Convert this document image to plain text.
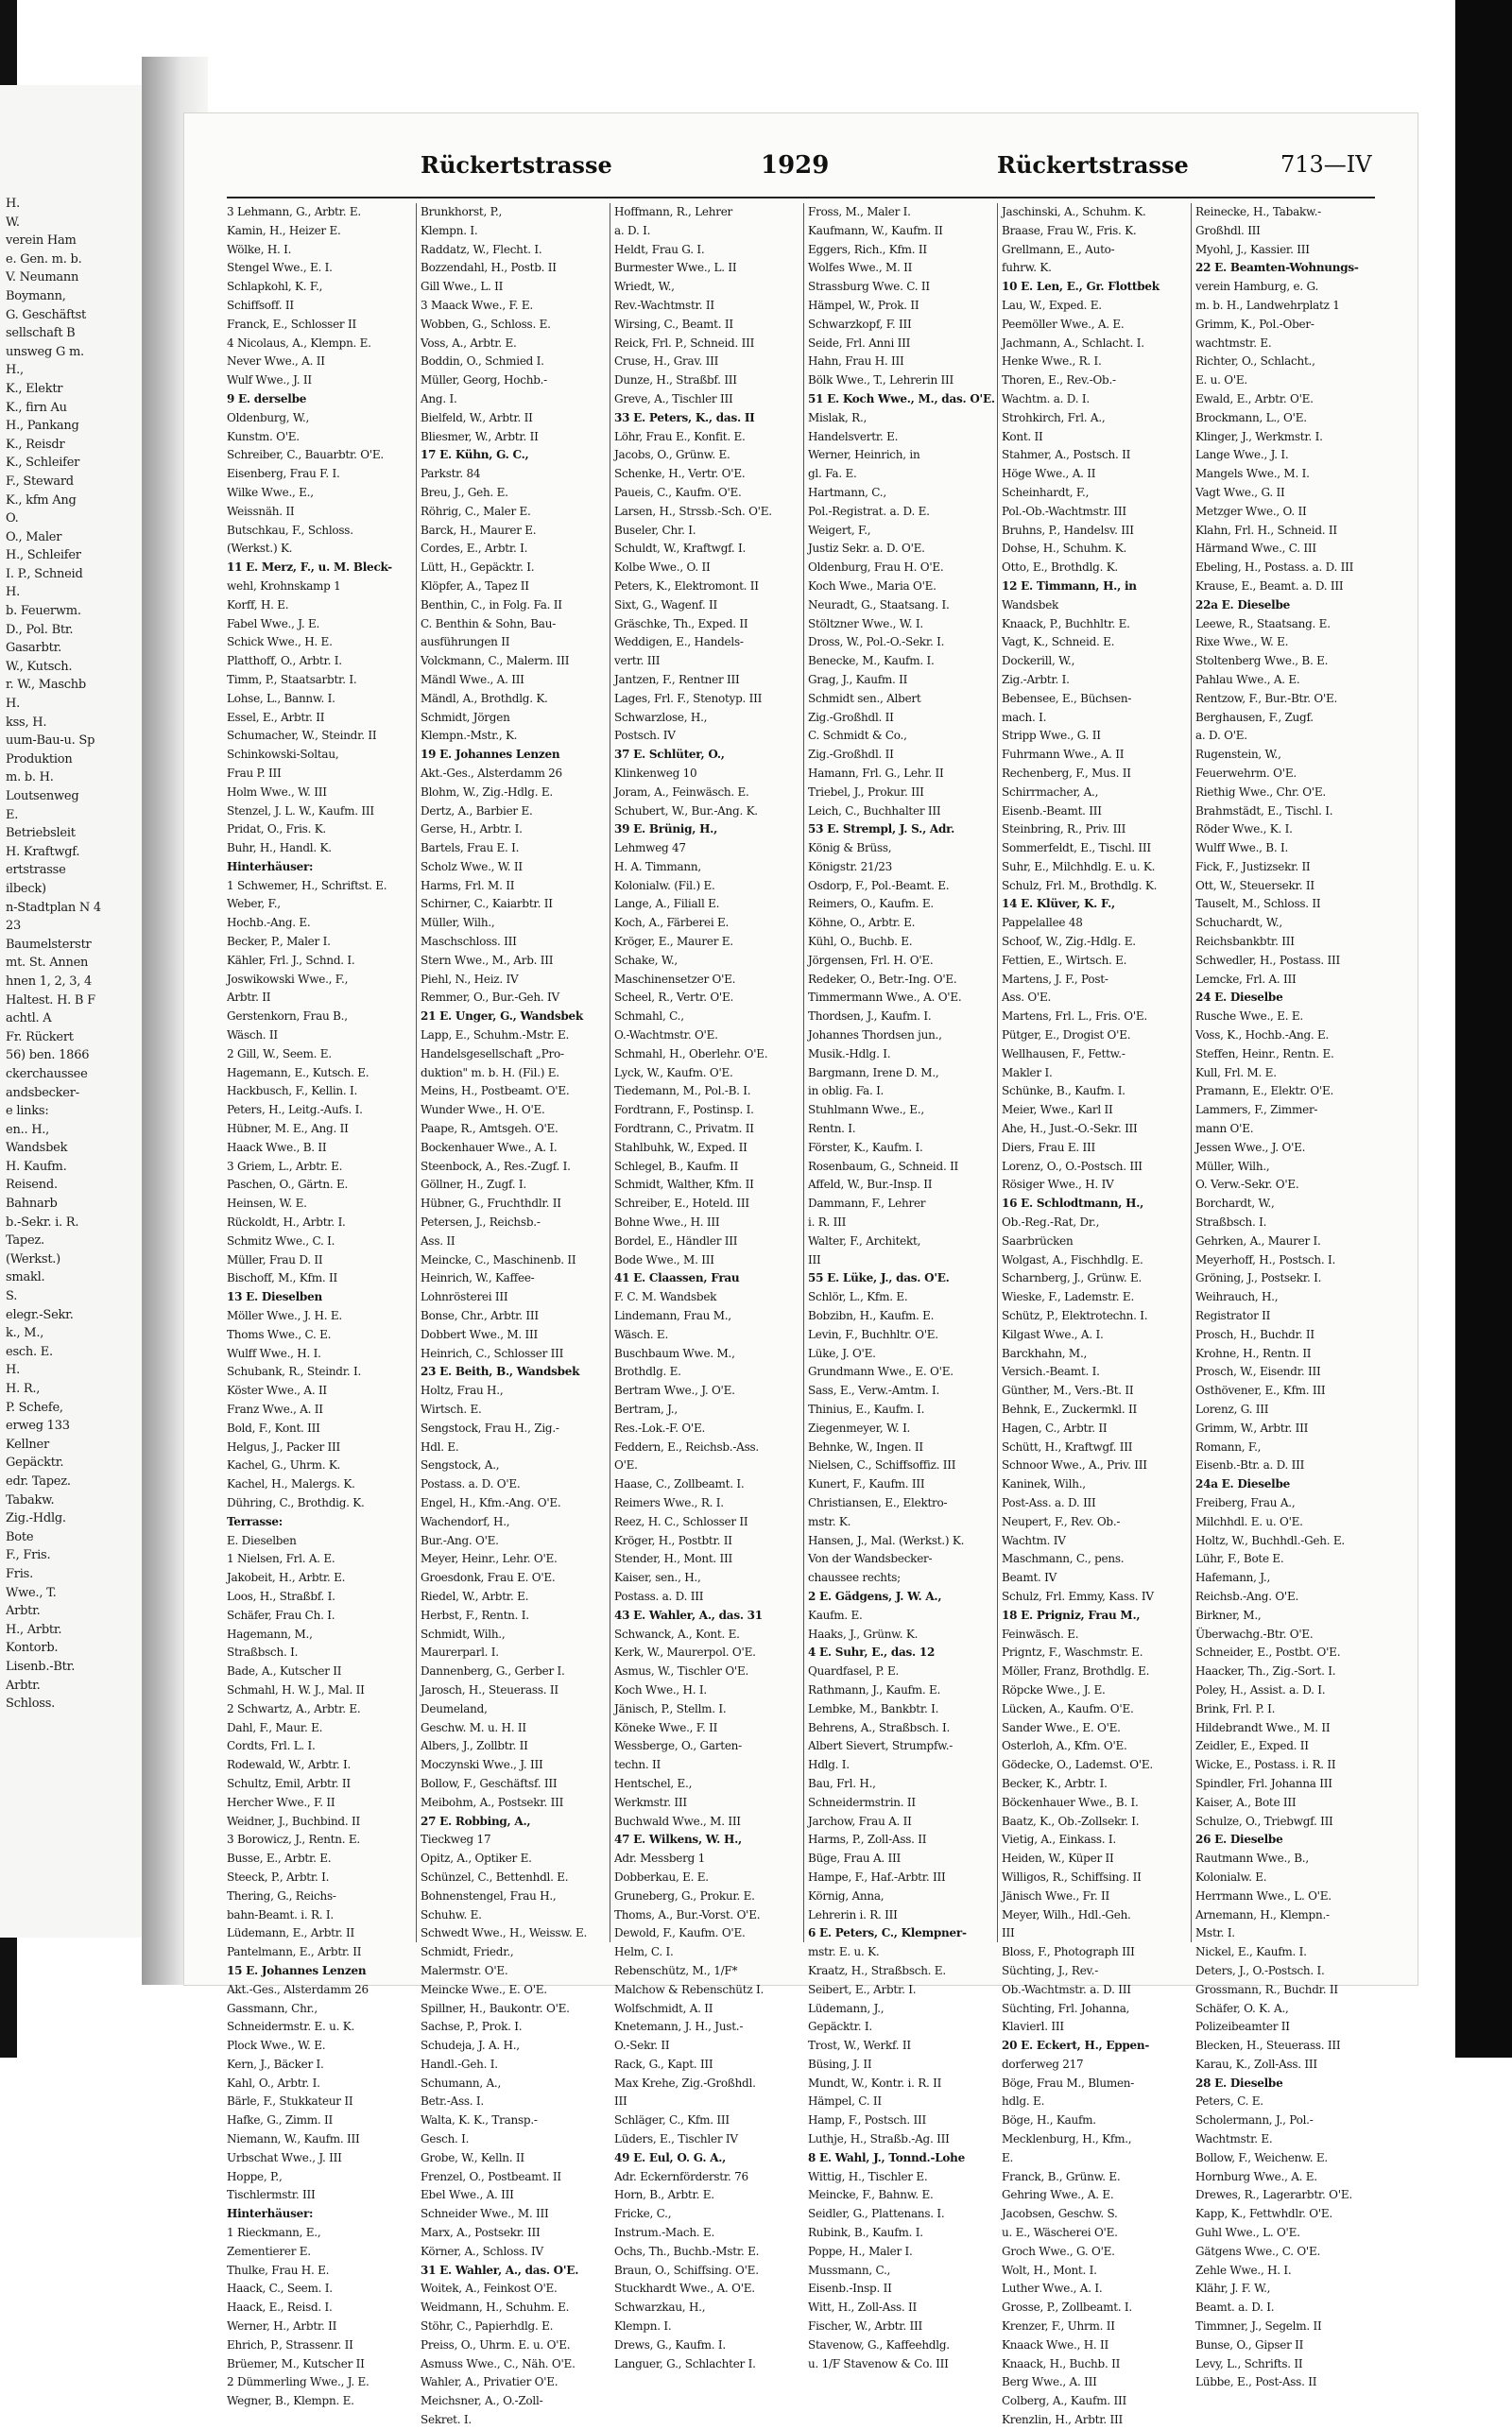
H.
W.
verein Ham
e. Gen. m. b.
V. Neumann
Boymann,
G. Geschäftst
sellschaft B
unsweg G m.
H.,
K., Elektr
K., firn Au
H., Pankang
K., Reisdr
K., Schleifer
F., Steward
K., kfm Ang
O.
O., Maler
H., Schleifer
I. P., Schneid
H.
b. Feuerwm.
D., Pol. Btr.
Gasarbtr.
W., Kutsch.
r. W., Maschb
H.
kss, H.
uum-Bau-u. Sp
Produktion
m. b. H.
Loutsenweg
E.
Betriebsleit
H. Kraftwgf.
ertstrasse
ilbeck)
n-Stadtplan N 4
23
Baumelsterstr
mt. St. Annen
hnen 1, 2, 3, 4
Haltest. H. B F
achtl. A
Fr. Rückert
56) ben. 1866
ckerchaussee
andsbecker-
e links:
en.. H.,
Wandsbek
H. Kaufm.
Reisend.
Bahnarb
b.-Sekr. i. R.
Tapez.
(Werkst.)
smakl.
S.
elegr.-Sekr.
k., M.,
esch. E.
H.
H. R.,
P. Schefe,
erweg 133
Kellner
Gepäcktr.
edr. Tapez.
Tabakw.
Zig.-Hdlg.
Bote
F., Fris.
Fris.
Wwe., T.
Arbtr.
H., Arbtr.
Kontorb.
Lisenb.-Btr.
Arbtr.
Schloss.
Rückertstrasse	1929	Rückertstrasse	713—IV
3 Lehmann, G., Arbtr. E.
Kamin, H., Heizer E.
Wölke, H. I.
Stengel Wwe., E. I.
Schlapkohl, K. F.,
Schiffsoff. II
Franck, E., Schlosser II
4 Nicolaus, A., Klempn. E.
Never Wwe., A. II
Wulf Wwe., J. II
9 E. derselbe
Oldenburg, W.,
Kunstm. O'E.
Schreiber, C., Bauarbtr. O'E.
Eisenberg, Frau F. I.
Wilke Wwe., E.,
Weissnäh. II
Butschkau, F., Schloss.
(Werkst.) K.
11 E. Merz, F., u. M. Bleck-
wehl, Krohnskamp 1
Korff, H. E.
Fabel Wwe., J. E.
Schick Wwe., H. E.
Platthoff, O., Arbtr. I.
Timm, P., Staatsarbtr. I.
Lohse, L., Bannw. I.
Essel, E., Arbtr. II
Schumacher, W., Steindr. II
Schinkowski-Soltau,
Frau P. III
Holm Wwe., W. III
Stenzel, J. L. W., Kaufm. III
Pridat, O., Fris. K.
Buhr, H., Handl. K.
Hinterhäuser:
1 Schwemer, H., Schriftst. E.
Weber, F.,
Hochb.-Ang. E.
Becker, P., Maler I.
Kähler, Frl. J., Schnd. I.
Joswikowski Wwe., F.,
Arbtr. II
Gerstenkorn, Frau B.,
Wäsch. II
2 Gill, W., Seem. E.
Hagemann, E., Kutsch. E.
Hackbusch, F., Kellin. I.
Peters, H., Leitg.-Aufs. I.
Hübner, M. E., Ang. II
Haack Wwe., B. II
3 Griem, L., Arbtr. E.
Paschen, O., Gärtn. E.
Heinsen, W. E.
Rückoldt, H., Arbtr. I.
Schmitz Wwe., C. I.
Müller, Frau D. II
Bischoff, M., Kfm. II
13 E. Dieselben
Möller Wwe., J. H. E.
Thoms Wwe., C. E.
Wulff Wwe., H. I.
Schubank, R., Steindr. I.
Köster Wwe., A. II
Franz Wwe., A. II
Bold, F., Kont. III
Helgus, J., Packer III
Kachel, G., Uhrm. K.
Kachel, H., Malergs. K.
Dühring, C., Brothdig. K.
Terrasse:
E. Dieselben
1 Nielsen, Frl. A. E.
Jakobeit, H., Arbtr. E.
Loos, H., Straßbf. I.
Schäfer, Frau Ch. I.
Hagemann, M.,
Straßbsch. I.
Bade, A., Kutscher II
Schmahl, H. W. J., Mal. II
2 Schwartz, A., Arbtr. E.
Dahl, F., Maur. E.
Cordts, Frl. L. I.
Rodewald, W., Arbtr. I.
Schultz, Emil, Arbtr. II
Hercher Wwe., F. II
Weidner, J., Buchbind. II
3 Borowicz, J., Rentn. E.
Busse, E., Arbtr. E.
Steeck, P., Arbtr. I.
Thering, G., Reichs-
bahn-Beamt. i. R. I.
Lüdemann, E., Arbtr. II
Pantelmann, E., Arbtr. II
15 E. Johannes Lenzen
Akt.-Ges., Alsterdamm 26
Gassmann, Chr.,
Schneidermstr. E. u. K.
Plock Wwe., W. E.
Kern, J., Bäcker I.
Kahl, O., Arbtr. I.
Bärle, F., Stukkateur II
Hafke, G., Zimm. II
Niemann, W., Kaufm. III
Urbschat Wwe., J. III
Hoppe, P.,
Tischlermstr. III
Hinterhäuser:
1 Rieckmann, E.,
Zementierer E.
Thulke, Frau H. E.
Haack, C., Seem. I.
Haack, E., Reisd. I.
Werner, H., Arbtr. II
Ehrich, P., Strassenr. II
Brüemer, M., Kutscher II
2 Dümmerling Wwe., J. E.
Wegner, B., Klempn. E.
Brunkhorst, P.,
Klempn. I.
Raddatz, W., Flecht. I.
Bozzendahl, H., Postb. II
Gill Wwe., L. II
3 Maack Wwe., F. E.
Wobben, G., Schloss. E.
Voss, A., Arbtr. E.
Boddin, O., Schmied I.
Müller, Georg, Hochb.-
Ang. I.
Bielfeld, W., Arbtr. II
Bliesmer, W., Arbtr. II
17 E. Kühn, G. C.,
Parkstr. 84
Breu, J., Geh. E.
Röhrig, C., Maler E.
Barck, H., Maurer E.
Cordes, E., Arbtr. I.
Lütt, H., Gepäcktr. I.
Klöpfer, A., Tapez II
Benthin, C., in Folg. Fa. II
C. Benthin & Sohn, Bau-
ausführungen II
Volckmann, C., Malerm. III
Mändl Wwe., A. III
Mändl, A., Brothdlg. K.
Schmidt, Jörgen
Klempn.-Mstr., K.
19 E. Johannes Lenzen
Akt.-Ges., Alsterdamm 26
Blohm, W., Zig.-Hdlg. E.
Dertz, A., Barbier E.
Gerse, H., Arbtr. I.
Bartels, Frau E. I.
Scholz Wwe., W. II
Harms, Frl. M. II
Schirner, C., Kaiarbtr. II
Müller, Wilh.,
Maschschloss. III
Stern Wwe., M., Arb. III
Piehl, N., Heiz. IV
Remmer, O., Bur.-Geh. IV
21 E. Unger, G., Wandsbek
Lapp, E., Schuhm.-Mstr. E.
Handelsgesellschaft „Pro-
duktion" m. b. H. (Fil.) E.
Meins, H., Postbeamt. O'E.
Wunder Wwe., H. O'E.
Paape, R., Amtsgeh. O'E.
Bockenhauer Wwe., A. I.
Steenbock, A., Res.-Zugf. I.
Göllner, H., Zugf. I.
Hübner, G., Fruchthdlr. II
Petersen, J., Reichsb.-
Ass. II
Meincke, C., Maschinenb. II
Heinrich, W., Kaffee-
Lohnrösterei III
Bonse, Chr., Arbtr. III
Dobbert Wwe., M. III
Heinrich, C., Schlosser III
23 E. Beith, B., Wandsbek
Holtz, Frau H.,
Wirtsch. E.
Sengstock, Frau H., Zig.-
Hdl. E.
Sengstock, A.,
Postass. a. D. O'E.
Engel, H., Kfm.-Ang. O'E.
Wachendorf, H.,
Bur.-Ang. O'E.
Meyer, Heinr., Lehr. O'E.
Groesdonk, Frau E. O'E.
Riedel, W., Arbtr. E.
Herbst, F., Rentn. I.
Schmidt, Wilh.,
Maurerparl. I.
Dannenberg, G., Gerber I.
Jarosch, H., Steuerass. II
Deumeland,
Geschw. M. u. H. II
Albers, J., Zollbtr. II
Moczynski Wwe., J. III
Bollow, F., Geschäftsf. III
Meibohm, A., Postsekr. III
27 E. Robbing, A.,
Tieckweg 17
Opitz, A., Optiker E.
Schünzel, C., Bettenhdl. E.
Bohnenstengel, Frau H.,
Schuhw. E.
Schwedt Wwe., H., Weissw. E.
Schmidt, Friedr.,
Malermstr. O'E.
Meincke Wwe., E. O'E.
Spillner, H., Baukontr. O'E.
Sachse, P., Prok. I.
Schudeja, J. A. H.,
Handl.-Geh. I.
Schumann, A.,
Betr.-Ass. I.
Walta, K. K., Transp.-
Gesch. I.
Grobe, W., Kelln. II
Frenzel, O., Postbeamt. II
Ebel Wwe., A. III
Schneider Wwe., M. III
Marx, A., Postsekr. III
Körner, A., Schloss. IV
31 E. Wahler, A., das. O'E.
Woitek, A., Feinkost O'E.
Weidmann, H., Schuhm. E.
Stöhr, C., Papierhdlg. E.
Preiss, O., Uhrm. E. u. O'E.
Asmuss Wwe., C., Näh. O'E.
Wahler, A., Privatier O'E.
Meichsner, A., O.-Zoll-
Sekret. I.
Hoffmann, R., Lehrer
a. D. I.
Heldt, Frau G. I.
Burmester Wwe., L. II
Wriedt, W.,
Rev.-Wachtmstr. II
Wirsing, C., Beamt. II
Reick, Frl. P., Schneid. III
Cruse, H., Grav. III
Dunze, H., Straßbf. III
Greve, A., Tischler III
33 E. Peters, K., das. II
Löhr, Frau E., Konfit. E.
Jacobs, O., Grünw. E.
Schenke, H., Vertr. O'E.
Paueis, C., Kaufm. O'E.
Larsen, H., Strssb.-Sch. O'E.
Buseler, Chr. I.
Schuldt, W., Kraftwgf. I.
Kolbe Wwe., O. II
Peters, K., Elektromont. II
Sixt, G., Wagenf. II
Gräschke, Th., Exped. II
Weddigen, E., Handels-
vertr. III
Jantzen, F., Rentner III
Lages, Frl. F., Stenotyp. III
Schwarzlose, H.,
Postsch. IV
37 E. Schlüter, O.,
Klinkenweg 10
Joram, A., Feinwäsch. E.
Schubert, W., Bur.-Ang. K.
39 E. Brünig, H.,
Lehmweg 47
H. A. Timmann,
Kolonialw. (Fil.) E.
Lange, A., Filiall E.
Koch, A., Färberei E.
Kröger, E., Maurer E.
Schake, W.,
Maschinensetzer O'E.
Scheel, R., Vertr. O'E.
Schmahl, C.,
O.-Wachtmstr. O'E.
Schmahl, H., Oberlehr. O'E.
Lyck, W., Kaufm. O'E.
Tiedemann, M., Pol.-B. I.
Fordtrann, F., Postinsp. I.
Fordtrann, C., Privatm. II
Stahlbuhk, W., Exped. II
Schlegel, B., Kaufm. II
Schmidt, Walther, Kfm. II
Schreiber, E., Hoteld. III
Bohne Wwe., H. III
Bordel, E., Händler III
Bode Wwe., M. III
41 E. Claassen, Frau
F. C. M. Wandsbek
Lindemann, Frau M.,
Wäsch. E.
Buschbaum Wwe. M.,
Brothdlg. E.
Bertram Wwe., J. O'E.
Bertram, J.,
Res.-Lok.-F. O'E.
Feddern, E., Reichsb.-Ass.
O'E.
Haase, C., Zollbeamt. I.
Reimers Wwe., R. I.
Reez, H. C., Schlosser II
Kröger, H., Postbtr. II
Stender, H., Mont. III
Kaiser, sen., H.,
Postass. a. D. III
43 E. Wahler, A., das. 31
Schwanck, A., Kont. E.
Kerk, W., Maurerpol. O'E.
Asmus, W., Tischler O'E.
Koch Wwe., H. I.
Jänisch, P., Stellm. I.
Köneke Wwe., F. II
Wessberge, O., Garten-
techn. II
Hentschel, E.,
Werkmstr. III
Buchwald Wwe., M. III
47 E. Wilkens, W. H.,
Adr. Messberg 1
Dobberkau, E. E.
Gruneberg, G., Prokur. E.
Thoms, A., Bur.-Vorst. O'E.
Dewold, F., Kaufm. O'E.
Helm, C. I.
Rebenschütz, M., 1/F*
Malchow & Rebenschütz I.
Wolfschmidt, A. II
Knetemann, J. H., Just.-
O.-Sekr. II
Rack, G., Kapt. III
Max Krehe, Zig.-Großhdl.
III
Schläger, C., Kfm. III
Lüders, E., Tischler IV
49 E. Eul, O. G. A.,
Adr. Eckernförderstr. 76
Horn, B., Arbtr. E.
Fricke, C.,
Instrum.-Mach. E.
Ochs, Th., Buchb.-Mstr. E.
Braun, O., Schiffsing. O'E.
Stuckhardt Wwe., A. O'E.
Schwarzkau, H.,
Klempn. I.
Drews, G., Kaufm. I.
Languer, G., Schlachter I.
Fross, M., Maler I.
Kaufmann, W., Kaufm. II
Eggers, Rich., Kfm. II
Wolfes Wwe., M. II
Strassburg Wwe. C. II
Hämpel, W., Prok. II
Schwarzkopf, F. III
Seide, Frl. Anni III
Hahn, Frau H. III
Bölk Wwe., T., Lehrerin III
51 E. Koch Wwe., M., das. O'E.
Mislak, R.,
Handelsvertr. E.
Werner, Heinrich, in
gl. Fa. E.
Hartmann, C.,
Pol.-Registrat. a. D. E.
Weigert, F.,
Justiz Sekr. a. D. O'E.
Oldenburg, Frau H. O'E.
Koch Wwe., Maria O'E.
Neuradt, G., Staatsang. I.
Stöltzner Wwe., W. I.
Dross, W., Pol.-O.-Sekr. I.
Benecke, M., Kaufm. I.
Grag, J., Kaufm. II
Schmidt sen., Albert
Zig.-Großhdl. II
C. Schmidt & Co.,
Zig.-Großhdl. II
Hamann, Frl. G., Lehr. II
Triebel, J., Prokur. III
Leich, C., Buchhalter III
53 E. Strempl, J. S., Adr.
König & Brüss,
Königstr. 21/23
Osdorp, F., Pol.-Beamt. E.
Reimers, O., Kaufm. E.
Köhne, O., Arbtr. E.
Kühl, O., Buchb. E.
Jörgensen, Frl. H. O'E.
Redeker, O., Betr.-Ing. O'E.
Timmermann Wwe., A. O'E.
Thordsen, J., Kaufm. I.
Johannes Thordsen jun.,
Musik.-Hdlg. I.
Bargmann, Irene D. M.,
in oblig. Fa. I.
Stuhlmann Wwe., E.,
Rentn. I.
Förster, K., Kaufm. I.
Rosenbaum, G., Schneid. II
Affeld, W., Bur.-Insp. II
Dammann, F., Lehrer
i. R. III
Walter, F., Architekt,
III
55 E. Lüke, J., das. O'E.
Schlör, L., Kfm. E.
Bobzibn, H., Kaufm. E.
Levin, F., Buchhltr. O'E.
Lüke, J. O'E.
Grundmann Wwe., E. O'E.
Sass, E., Verw.-Amtm. I.
Thinius, E., Kaufm. I.
Ziegenmeyer, W. I.
Behnke, W., Ingen. II
Nielsen, C., Schiffsoffiz. III
Kunert, F., Kaufm. III
Christiansen, E., Elektro-
mstr. K.
Hansen, J., Mal. (Werkst.) K.
Von der Wandsbecker-
chaussee rechts;
2 E. Gädgens, J. W. A.,
Kaufm. E.
Haaks, J., Grünw. K.
4 E. Suhr, E., das. 12
Quardfasel, P. E.
Rathmann, J., Kaufm. E.
Lembke, M., Bankbtr. I.
Behrens, A., Straßbsch. I.
Albert Sievert, Strumpfw.-
Hdlg. I.
Bau, Frl. H.,
Schneidermstrin. II
Jarchow, Frau A. II
Harms, P., Zoll-Ass. II
Büge, Frau A. III
Hampe, F., Haf.-Arbtr. III
Körnig, Anna,
Lehrerin i. R. III
6 E. Peters, C., Klempner-
mstr. E. u. K.
Kraatz, H., Straßbsch. E.
Seibert, E., Arbtr. I.
Lüdemann, J.,
Gepäcktr. I.
Trost, W., Werkf. II
Büsing, J. II
Mundt, W., Kontr. i. R. II
Hämpel, C. II
Hamp, F., Postsch. III
Luthje, H., Straßb.-Ag. III
8 E. Wahl, J., Tonnd.-Lohe
Wittig, H., Tischler E.
Meincke, F., Bahnw. E.
Seidler, G., Plattenans. I.
Rubink, B., Kaufm. I.
Poppe, H., Maler I.
Mussmann, C.,
Eisenb.-Insp. II
Witt, H., Zoll-Ass. II
Fischer, W., Arbtr. III
Stavenow, G., Kaffeehdlg.
u. 1/F Stavenow & Co. III
Jaschinski, A., Schuhm. K.
Braase, Frau W., Fris. K.
Grellmann, E., Auto-
fuhrw. K.
10 E. Len, E., Gr. Flottbek
Lau, W., Exped. E.
Peemöller Wwe., A. E.
Jachmann, A., Schlacht. I.
Henke Wwe., R. I.
Thoren, E., Rev.-Ob.-
Wachtm. a. D. I.
Strohkirch, Frl. A.,
Kont. II
Stahmer, A., Postsch. II
Höge Wwe., A. II
Scheinhardt, F.,
Pol.-Ob.-Wachtmstr. III
Bruhns, P., Handelsv. III
Dohse, H., Schuhm. K.
Otto, E., Brothdlg. K.
12 E. Timmann, H., in
Wandsbek
Knaack, P., Buchhltr. E.
Vagt, K., Schneid. E.
Dockerill, W.,
Zig.-Arbtr. I.
Bebensee, E., Büchsen-
mach. I.
Stripp Wwe., G. II
Fuhrmann Wwe., A. II
Rechenberg, F., Mus. II
Schirrmacher, A.,
Eisenb.-Beamt. III
Steinbring, R., Priv. III
Sommerfeldt, E., Tischl. III
Suhr, E., Milchhdlg. E. u. K.
Schulz, Frl. M., Brothdlg. K.
14 E. Klüver, K. F.,
Pappelallee 48
Schoof, W., Zig.-Hdlg. E.
Fettien, E., Wirtsch. E.
Martens, J. F., Post-
Ass. O'E.
Martens, Frl. L., Fris. O'E.
Pütger, E., Drogist O'E.
Wellhausen, F., Fettw.-
Makler I.
Schünke, B., Kaufm. I.
Meier, Wwe., Karl II
Ahe, H., Just.-O.-Sekr. III
Diers, Frau E. III
Lorenz, O., O.-Postsch. III
Rösiger Wwe., H. IV
16 E. Schlodtmann, H.,
Ob.-Reg.-Rat, Dr.,
Saarbrücken
Wolgast, A., Fischhdlg. E.
Scharnberg, J., Grünw. E.
Wieske, F., Lademstr. E.
Schütz, P., Elektrotechn. I.
Kilgast Wwe., A. I.
Barckhahn, M.,
Versich.-Beamt. I.
Günther, M., Vers.-Bt. II
Behnk, E., Zuckermkl. II
Hagen, C., Arbtr. II
Schütt, H., Kraftwgf. III
Schnoor Wwe., A., Priv. III
Kaninek, Wilh.,
Post-Ass. a. D. III
Neupert, F., Rev. Ob.-
Wachtm. IV
Maschmann, C., pens.
Beamt. IV
Schulz, Frl. Emmy, Kass. IV
18 E. Prigniz, Frau M.,
Feinwäsch. E.
Prigntz, F., Waschmstr. E.
Möller, Franz, Brothdlg. E.
Röpcke Wwe., J. E.
Lücken, A., Kaufm. O'E.
Sander Wwe., E. O'E.
Osterloh, A., Kfm. O'E.
Gödecke, O., Lademst. O'E.
Becker, K., Arbtr. I.
Böckenhauer Wwe., B. I.
Baatz, K., Ob.-Zollsekr. I.
Vietig, A., Einkass. I.
Heiden, W., Küper II
Willigos, R., Schiffsing. II
Jänisch Wwe., Fr. II
Meyer, Wilh., Hdl.-Geh.
III
Bloss, F., Photograph III
Süchting, J., Rev.-
Ob.-Wachtmstr. a. D. III
Süchting, Frl. Johanna,
Klavierl. III
20 E. Eckert, H., Eppen-
dorferweg 217
Böge, Frau M., Blumen-
hdlg. E.
Böge, H., Kaufm.
Mecklenburg, H., Kfm.,
E.
Franck, B., Grünw. E.
Gehring Wwe., A. E.
Jacobsen, Geschw. S.
u. E., Wäscherei O'E.
Groch Wwe., G. O'E.
Wolt, H., Mont. I.
Luther Wwe., A. I.
Grosse, P., Zollbeamt. I.
Krenzer, F., Uhrm. II
Knaack Wwe., H. II
Knaack, H., Buchb. II
Berg Wwe., A. III
Colberg, A., Kaufm. III
Krenzlin, H., Arbtr. III
Reinecke, H., Tabakw.-
Großhdl. III
Myohl, J., Kassier. III
22 E. Beamten-Wohnungs-
verein Hamburg, e. G.
m. b. H., Landwehrplatz 1
Grimm, K., Pol.-Ober-
wachtmstr. E.
Richter, O., Schlacht.,
E. u. O'E.
Ewald, E., Arbtr. O'E.
Brockmann, L., O'E.
Klinger, J., Werkmstr. I.
Lange Wwe., J. I.
Mangels Wwe., M. I.
Vagt Wwe., G. II
Metzger Wwe., O. II
Klahn, Frl. H., Schneid. II
Härmand Wwe., C. III
Ebeling, H., Postass. a. D. III
Krause, E., Beamt. a. D. III
22a E. Dieselbe
Leewe, R., Staatsang. E.
Rixe Wwe., W. E.
Stoltenberg Wwe., B. E.
Pahlau Wwe., A. E.
Rentzow, F., Bur.-Btr. O'E.
Berghausen, F., Zugf.
a. D. O'E.
Rugenstein, W.,
Feuerwehrm. O'E.
Riethig Wwe., Chr. O'E.
Brahmstädt, E., Tischl. I.
Röder Wwe., K. I.
Wulff Wwe., B. I.
Fick, F., Justizsekr. II
Ott, W., Steuersekr. II
Tauselt, M., Schloss. II
Schuchardt, W.,
Reichsbankbtr. III
Schwedler, H., Postass. III
Lemcke, Frl. A. III
24 E. Dieselbe
Rusche Wwe., E. E.
Voss, K., Hochb.-Ang. E.
Steffen, Heinr., Rentn. E.
Kull, Frl. M. E.
Pramann, E., Elektr. O'E.
Lammers, F., Zimmer-
mann O'E.
Jessen Wwe., J. O'E.
Müller, Wilh.,
O. Verw.-Sekr. O'E.
Borchardt, W.,
Straßbsch. I.
Gehrken, A., Maurer I.
Meyerhoff, H., Postsch. I.
Gröning, J., Postsekr. I.
Weihrauch, H.,
Registrator II
Prosch, H., Buchdr. II
Krohne, H., Rentn. II
Prosch, W., Eisendr. III
Osthövener, E., Kfm. III
Lorenz, G. III
Grimm, W., Arbtr. III
Romann, F.,
Eisenb.-Btr. a. D. III
24a E. Dieselbe
Freiberg, Frau A.,
Milchhdl. E. u. O'E.
Holtz, W., Buchhdl.-Geh. E.
Lühr, F., Bote E.
Hafemann, J.,
Reichsb.-Ang. O'E.
Birkner, M.,
Überwachg.-Btr. O'E.
Schneider, E., Postbt. O'E.
Haacker, Th., Zig.-Sort. I.
Poley, H., Assist. a. D. I.
Brink, Frl. P. I.
Hildebrandt Wwe., M. II
Zeidler, E., Exped. II
Wicke, E., Postass. i. R. II
Spindler, Frl. Johanna III
Kaiser, A., Bote III
Schulze, O., Triebwgf. III
26 E. Dieselbe
Rautmann Wwe., B.,
Kolonialw. E.
Herrmann Wwe., L. O'E.
Arnemann, H., Klempn.-
Mstr. I.
Nickel, E., Kaufm. I.
Deters, J., O.-Postsch. I.
Grossmann, R., Buchdr. II
Schäfer, O. K. A.,
Polizeibeamter II
Blecken, H., Steuerass. III
Karau, K., Zoll-Ass. III
28 E. Dieselbe
Peters, C. E.
Scholermann, J., Pol.-
Wachtmstr. E.
Bollow, F., Weichenw. E.
Hornburg Wwe., A. E.
Drewes, R., Lagerarbtr. O'E.
Kapp, K., Fettwhdlr. O'E.
Guhl Wwe., L. O'E.
Gätgens Wwe., C. O'E.
Zehle Wwe., H. I.
Klähr, J. F. W.,
Beamt. a. D. I.
Timmner, J., Segelm. II
Bunse, O., Gipser II
Levy, L., Schrifts. II
Lübbe, E., Post-Ass. II
